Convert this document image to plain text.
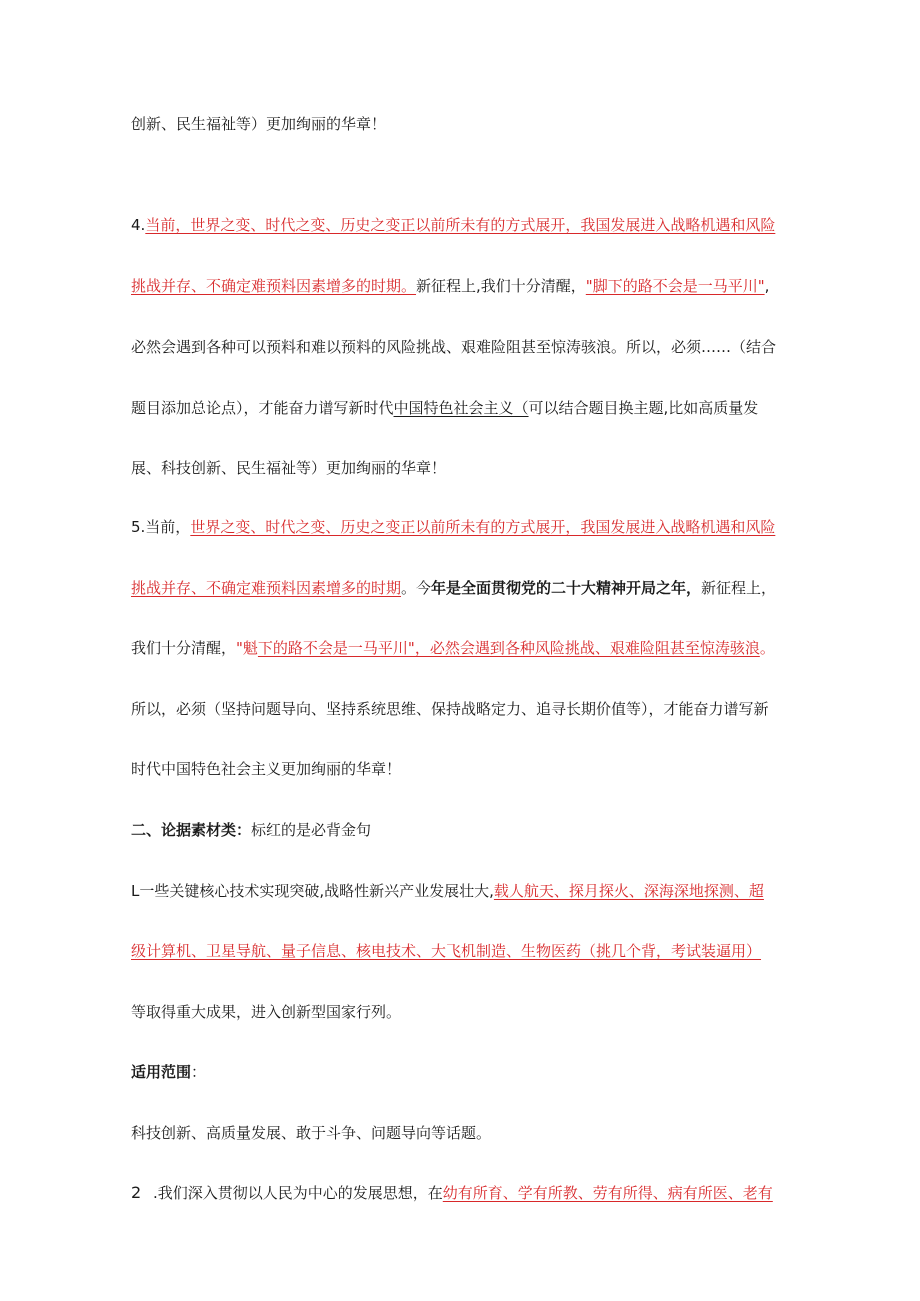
创新、民生福祉等）更加绚丽的华章！
4.当前，世界之变、时代之变、历史之变正以前所未有的方式展开，我国发展进入战略机遇和风险
挑战并存、不确定难预料因素增多的时期。新征程上,我们十分清醒，"脚下的路不会是一马平川",
必然会遇到各种可以预料和难以预料的风险挑战、艰难险阻甚至惊涛骇浪。所以，必须……（结合
题目添加总论点），才能奋力谱写新时代中国特色社会主义（可以结合题目换主题,比如高质量发
展、科技创新、民生福祉等）更加绚丽的华章！
5.当前，世界之变、时代之变、历史之变正以前所未有的方式展开，我国发展进入战略机遇和风险
挑战并存、不确定难预料因素增多的时期。今年是全面贯彻党的二十大精神开局之年，新征程上，
我们十分清醒，"魁下的路不会是一马平川"，必然会遇到各种风险挑战、艰难险阻甚至惊涛骇浪。
所以，必须（坚持问题导向、坚持系统思维、保持战略定力、追寻长期价值等），才能奋力谱写新
时代中国特色社会主义更加绚丽的华章！
二、论据素材类：标红的是必背金句
L一些关键核心技术实现突破,战略性新兴产业发展壮大,载人航天、探月探火、深海深地探测、超
级计算机、卫星导航、量子信息、核电技术、大飞机制造、生物医药（挑几个背，考试装逼用）
等取得重大成果，进入创新型国家行列。
适用范围：
科技创新、高质量发展、敢于斗争、问题导向等话题。
2 .我们深入贯彻以人民为中心的发展思想，在幼有所育、学有所教、劳有所得、病有所医、老有
